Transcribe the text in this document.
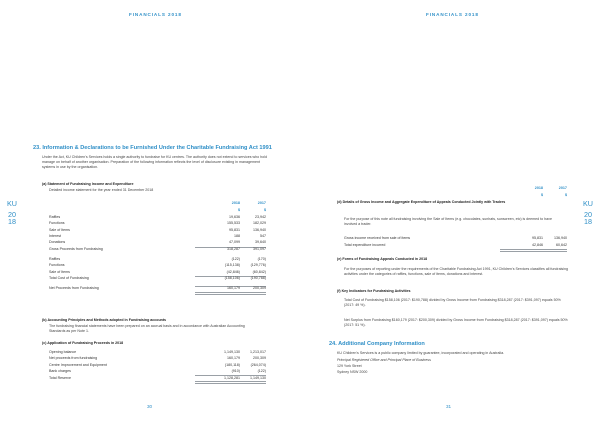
FINANCIALS 2018	FINANCIALS 2018
KU
20
18
KU
20
18
23. Information & Declarations to be Furnished Under the Charitable Fundraising Act 1991
Under the Act, KU Children's Services holds a single authority to fundraise for KU centres. The authority does not extend to services who hold manage on behalf of another organisation. Preparation of the following information reflects the level of disclosure existing in management systems in use by the organisation.
(a) Statement of Fundraising Income and Expenditure
Detailed income statement for the year ended 31 December 2018
2018	2017
$	$
Raffles	19,636	23,942
Functions	155,533	182,029
Sale of Items	95,831	136,940
Interest	188	547
Donations	47,099	39,640
Gross Proceeds from Fundraising	318,287	391,097
Raffles	(122)	(170)
Functions	(115,138)	(129,776)
Sale of Items	(42,846)	(60,842)
Total Cost of Fundraising	(158,106)	(190,788)
Net Proceeds from Fundraising	160,179	200,309
(b) Accounting Principles and Methods adopted in Fundraising accounts
The fundraising financial statements have been prepared on an accrual basis and in accordance with Australian Accounting Standards as per Note 1.
(c) Application of Fundraising Proceeds in 2018
Opening balance	1,149,130	1,213,017
Net proceeds from fundraising	160,179	200,309
Centre Improvement and Equipment	(180,118)	(264,074)
Bank charges	(910)	(122)
Total Reserve	1,128,281	1,149,130
30
2018	2017
$	$
(d) Details of Gross Income and Aggregate Expenditure of Appeals Conducted Jointly with Traders
For the purpose of this note all fundraising involving the Sale of Items (e.g. chocolates, sunhats, sunscreen, etc) is deemed to have involved a trader.
Gross income received from sale of items	95,831	136,940
Total expenditure incurred	42,846	60,642
(e) Forms of Fundraising Appeals Conducted in 2018
For the purposes of reporting under the requirements of the Charitable Fundraising Act 1991, KU Children's Services classifies all fundraising activities under the categories of raffles, functions, sale of items, donations and interest.
(f) Key Indicators for Fundraising Activities
Total Cost of Fundraising $158,106 (2017: $190,788) divided by Gross Income from Fundraising $318,287 (2017: $391,097) equals 50% (2017: 49 %).
Net Surplus from Fundraising $160,179 (2017: $200,309) divided by Gross Income from Fundraising $318,287 (2017: $391,097) equals 50% (2017: 51 %).
24. Additional Company Information
KU Children's Services is a public company limited by guarantee, incorporated and operating in Australia.
Principal Registered Office and Principal Place of Business
129 York Street
Sydney NSW 2000
31
